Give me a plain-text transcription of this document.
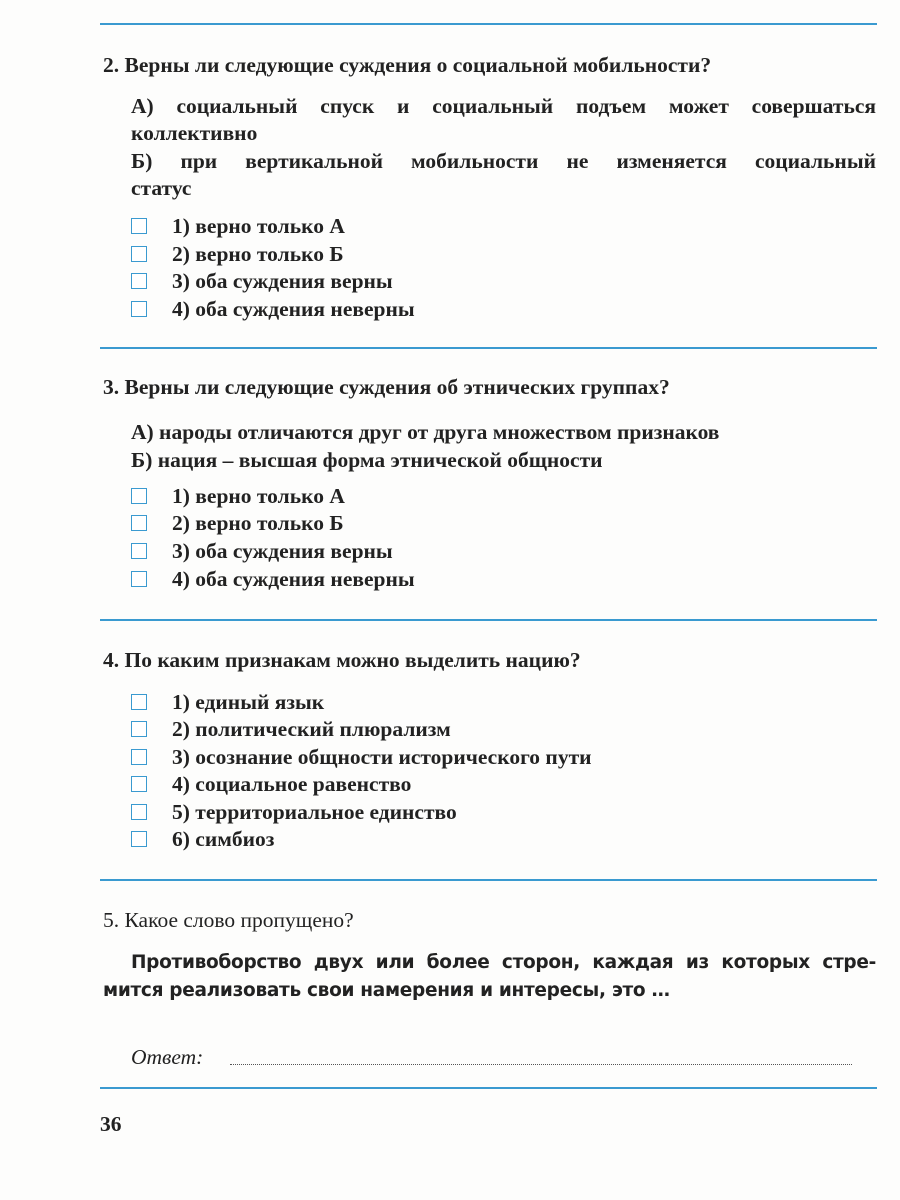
2. Верны ли следующие суждения о социальной мобильности?
А) социальный спуск и социальный подъем может совершаться
коллективно
Б) при вертикальной мобильности не изменяется социальный
статус
1) верно только А
2) верно только Б
3) оба суждения верны
4) оба суждения неверны
3. Верны ли следующие суждения об этнических группах?
А) народы отличаются друг от друга множеством признаков
Б) нация – высшая форма этнической общности
1) верно только А
2) верно только Б
3) оба суждения верны
4) оба суждения неверны
4. По каким признакам можно выделить нацию?
1) единый язык
2) политический плюрализм
3) осознание общности исторического пути
4) социальное равенство
5) территориальное единство
6) симбиоз
5. Какое слово пропущено?
Противоборство двух или более сторон, каждая из которых стре-
мится реализовать свои намерения и интересы, это …
Ответ:
36
